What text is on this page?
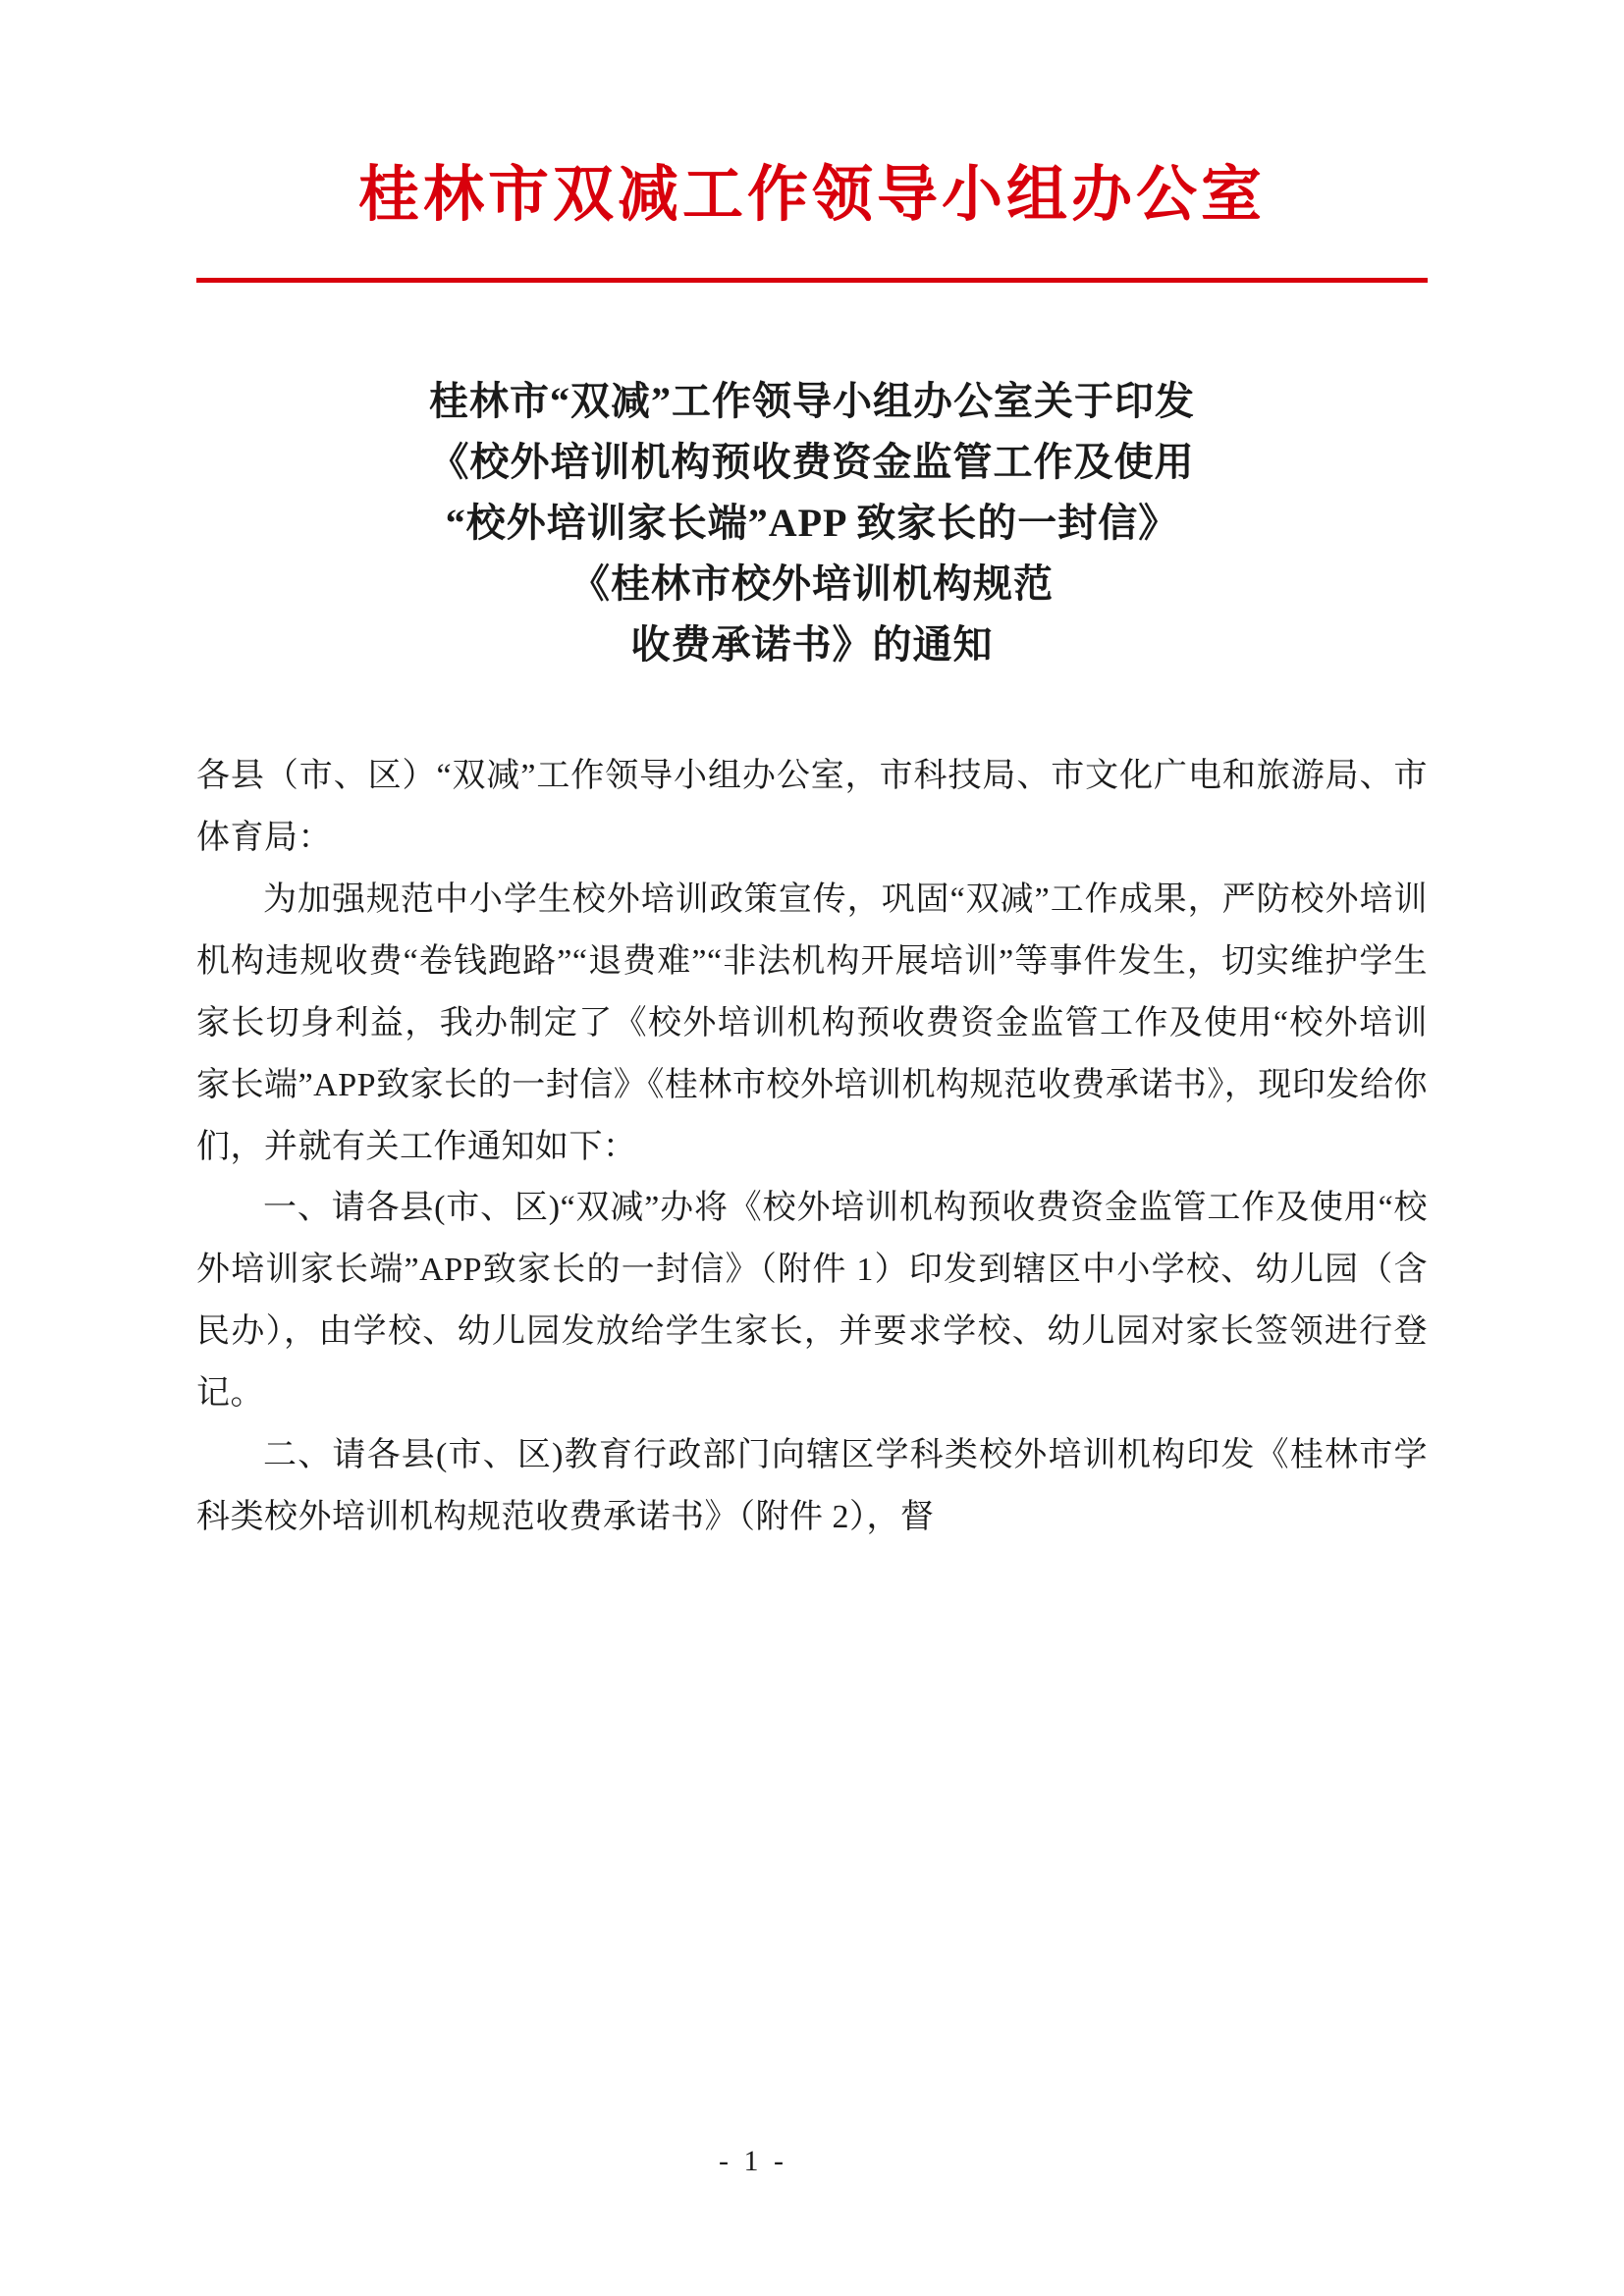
桂林市双减工作领导小组办公室
桂林市“双减”工作领导小组办公室关于印发
《校外培训机构预收费资金监管工作及使用
“校外培训家长端”APP 致家长的一封信》
《桂林市校外培训机构规范
收费承诺书》的通知

各县（市、区）“双减”工作领导小组办公室，市科技局、市文化广电和旅游局、市体育局：

为加强规范中小学生校外培训政策宣传，巩固“双减”工作成果，严防校外培训机构违规收费“卷钱跑路”“退费难”“非法机构开展培训”等事件发生，切实维护学生家长切身利益，我办制定了《校外培训机构预收费资金监管工作及使用“校外培训家长端”APP致家长的一封信》《桂林市校外培训机构规范收费承诺书》，现印发给你们，并就有关工作通知如下：

一、请各县(市、区)“双减”办将《校外培训机构预收费资金监管工作及使用“校外培训家长端”APP致家长的一封信》（附件 1）印发到辖区中小学校、幼儿园（含民办），由学校、幼儿园发放给学生家长，并要求学校、幼儿园对家长签领进行登记。

二、请各县(市、区)教育行政部门向辖区学科类校外培训机构印发《桂林市学科类校外培训机构规范收费承诺书》（附件 2），督

- 1 -
